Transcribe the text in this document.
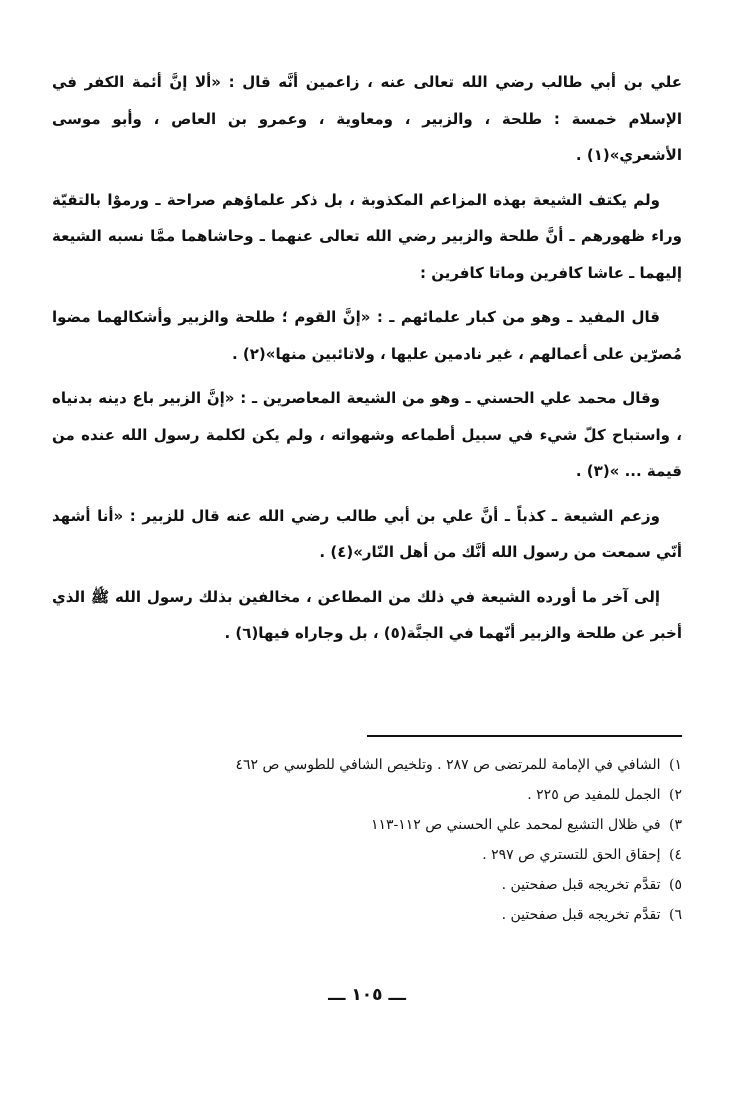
علي بن أبي طالب رضي الله تعالى عنه ، زاعمين أنَّه قال : «ألا إنَّ أئمة الكفر في الإسلام خمسة : طلحة ، والزبير ، ومعاوية ، وعمرو بن العاص ، وأبو موسى الأشعري»(١) .

ولم يكتف الشيعة بهذه المزاعم المكذوبة ، بل ذكر علماؤهم صراحة ـ ورموْا بالتقيّة وراء ظهورهم ـ أنَّ طلحة والزبير رضي الله تعالى عنهما ـ وحاشاهما ممَّا نسبه الشيعة إليهما ـ عاشا كافرين وماتا كافرين :

قال المفيد ـ وهو من كبار علمائهم ـ : «إنَّ القوم ؛ طلحة والزبير وأشكالهما مضوا مُصرّين على أعمالهم ، غير نادمين عليها ، ولاتائبين منها»(٢) .

وقال محمد علي الحسني ـ وهو من الشيعة المعاصرين ـ : «إنَّ الزبير باع دينه بدنياه ، واستباح كلّ شيء في سبيل أطماعه وشهواته ، ولم يكن لكلمة رسول الله عنده من قيمة ... »(٣) .

وزعم الشيعة ـ كذباً ـ أنَّ علي بن أبي طالب رضي الله عنه قال للزبير : «أنا أشهد أنّي سمعت من رسول الله أنَّك من أهل النّار»(٤) .

إلى آخر ما أورده الشيعة في ذلك من المطاعن ، مخالفين بذلك رسول الله ﷺ الذي أخبر عن طلحة والزبير أنّهما في الجنَّة(٥) ، بل وجاراه فيها(٦) .

١) الشافي في الإمامة للمرتضى ص ٢٨٧ . وتلخيص الشافي للطوسي ص ٤٦٢
٢) الجمل للمفيد ص ٢٢٥ .
٣) في ظلال التشيع لمحمد علي الحسني ص ١١٢-١١٣
٤) إحقاق الحق للتستري ص ٢٩٧ .
٥) تقدَّم تخريجه قبل صفحتين .
٦) تقدَّم تخريجه قبل صفحتين .
ـــ ١٠٥ ـــ
